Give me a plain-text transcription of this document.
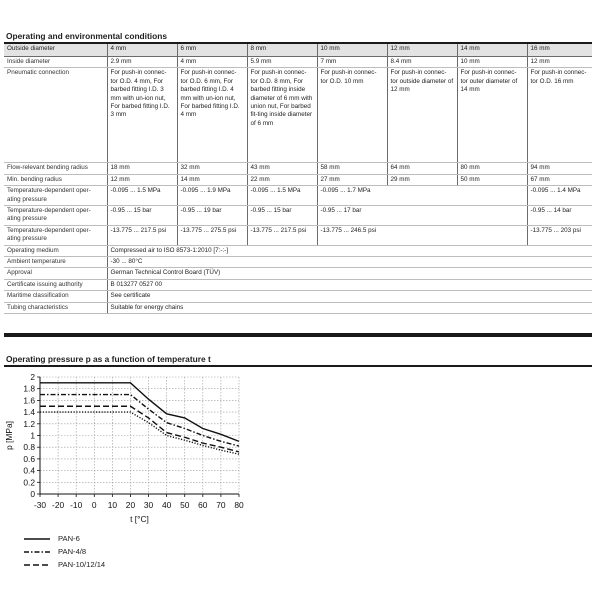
Operating and environmental conditions
Outside diameter	4 mm	6 mm	8 mm	10 mm	12 mm	14 mm	16 mm
Inside diameter	2.9 mm	4 mm	5.9 mm	7 mm	8.4 mm	10 mm	12 mm
Pneumatic connection	For push-in connec-tor O.D. 4 mm, For barbed fitting I.D. 3 mm with un-ion nut, For barbed fitting I.D. 3 mm	For push-in connec-tor O.D. 6 mm, For barbed fitting I.D. 4 mm with un-ion nut, For barbed fitting I.D. 4 mm	For push-in connec-tor O.D. 8 mm, For barbed fitting inside diameter of 6 mm with union nut, For barbed fit-ting inside diameter of 6 mm	For push-in connec-tor O.D. 10 mm	For push-in connec-tor outside diameter of 12 mm	For push-in connec-tor outer diameter of 14 mm	For push-in connec-tor O.D. 16 mm
Flow-relevant bending radius	18 mm	32 mm	43 mm	58 mm	64 mm	80 mm	94 mm
Min. bending radius	12 mm	14 mm	22 mm	27 mm	29 mm	50 mm	67 mm
Temperature-dependent oper-ating pressure	-0.095 ... 1.5 MPa	-0.095 ... 1.9 MPa	-0.095 ... 1.5 MPa	-0.095 ... 1.7 MPa			-0.095 ... 1.4 MPa
Temperature-dependent oper-ating pressure	-0.95 ... 15 bar	-0.95 ... 19 bar	-0.95 ... 15 bar	-0.95 ... 17 bar			-0.95 ... 14 bar
Temperature-dependent oper-ating pressure	-13.775 ... 217.5 psi	-13.775 ... 275.5 psi	-13.775 ... 217.5 psi	-13.775 ... 246.5 psi			-13.775 ... 203 psi
Operating medium	Compressed air to ISO 8573-1:2010 [7:-:-]						
Ambient temperature	-30 ... 80°C						
Approval	German Technical Control Board (TÜV)						
Certificate issuing authority	B 013277 0527 00						
Maritime classification	See certificate						
Tubing characteristics	Suitable for energy chains						
Operating pressure p as a function of temperature t
0
0.2
0.4
0.6
0.8
1
1.2
1.4
1.6
1.8
2
-30 -20 -10 0 10 20 30 40 50 60 70 80
t [°C]
p [MPa]
PAN-6
PAN-4/8
PAN-10/12/14
